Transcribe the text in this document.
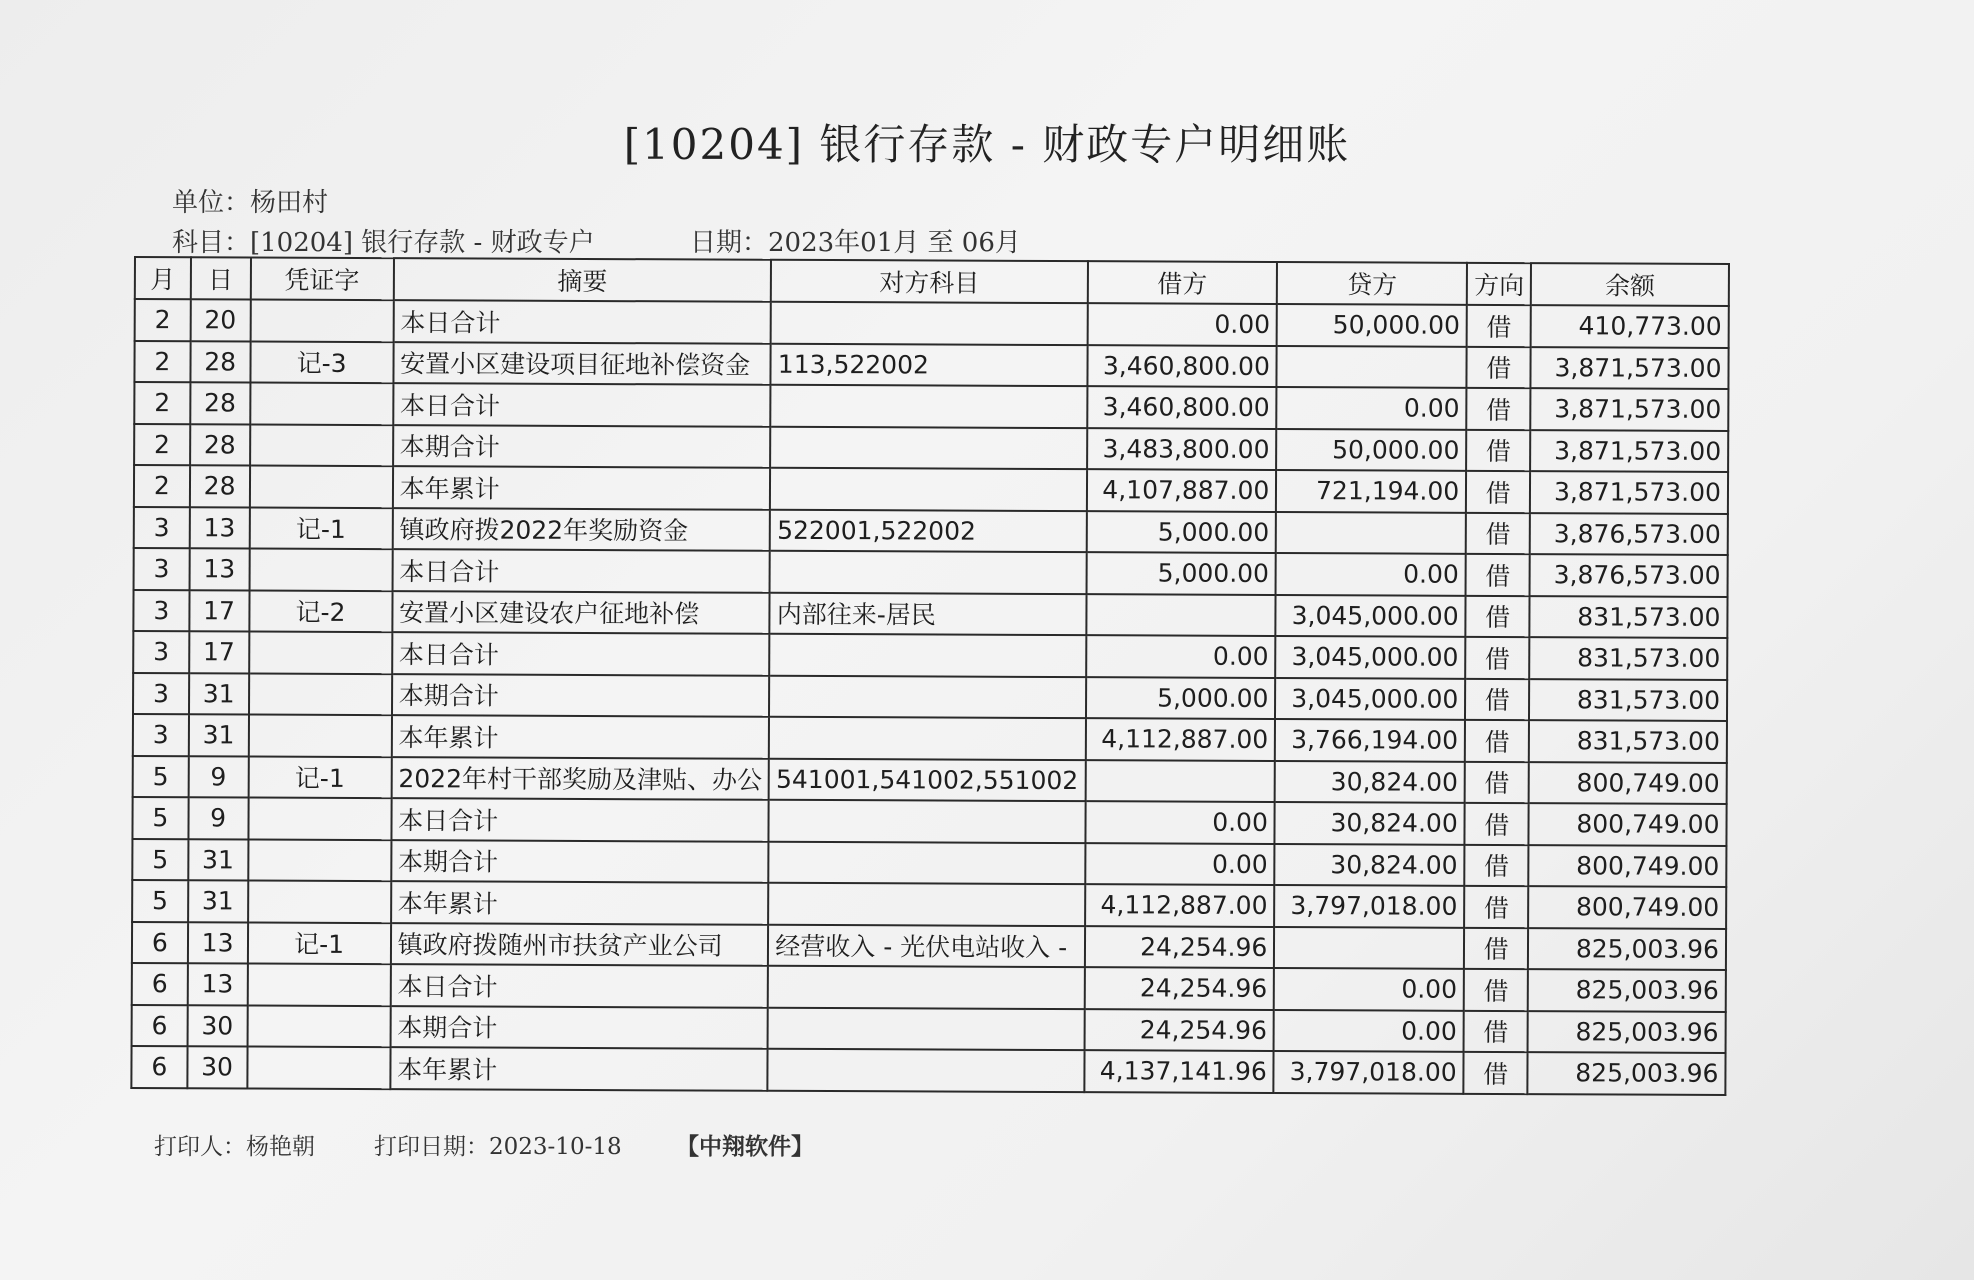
[10204] 银行存款 - 财政专户明细账
单位：杨田村
科目：[10204] 银行存款 - 财政专户	日期：2023年01月 至 06月
月	日	凭证字	摘要	对方科目	借方	贷方	方向	余额
2	20		本日合计		0.00	50,000.00	借	410,773.00
2	28	记-3	安置小区建设项目征地补偿资金	113,522002	3,460,800.00		借	3,871,573.00
2	28		本日合计		3,460,800.00	0.00	借	3,871,573.00
2	28		本期合计		3,483,800.00	50,000.00	借	3,871,573.00
2	28		本年累计		4,107,887.00	721,194.00	借	3,871,573.00
3	13	记-1	镇政府拨2022年奖励资金	522001,522002	5,000.00		借	3,876,573.00
3	13		本日合计		5,000.00	0.00	借	3,876,573.00
3	17	记-2	安置小区建设农户征地补偿	内部往来-居民		3,045,000.00	借	831,573.00
3	17		本日合计		0.00	3,045,000.00	借	831,573.00
3	31		本期合计		5,000.00	3,045,000.00	借	831,573.00
3	31		本年累计		4,112,887.00	3,766,194.00	借	831,573.00
5	9	记-1	2022年村干部奖励及津贴、办公	541001,541002,551002		30,824.00	借	800,749.00
5	9		本日合计		0.00	30,824.00	借	800,749.00
5	31		本期合计		0.00	30,824.00	借	800,749.00
5	31		本年累计		4,112,887.00	3,797,018.00	借	800,749.00
6	13	记-1	镇政府拨随州市扶贫产业公司	经营收入 - 光伏电站收入 -	24,254.96		借	825,003.96
6	13		本日合计		24,254.96	0.00	借	825,003.96
6	30		本期合计		24,254.96	0.00	借	825,003.96
6	30		本年累计		4,137,141.96	3,797,018.00	借	825,003.96
打印人：杨艳朝	打印日期：2023-10-18 【中翔软件】
